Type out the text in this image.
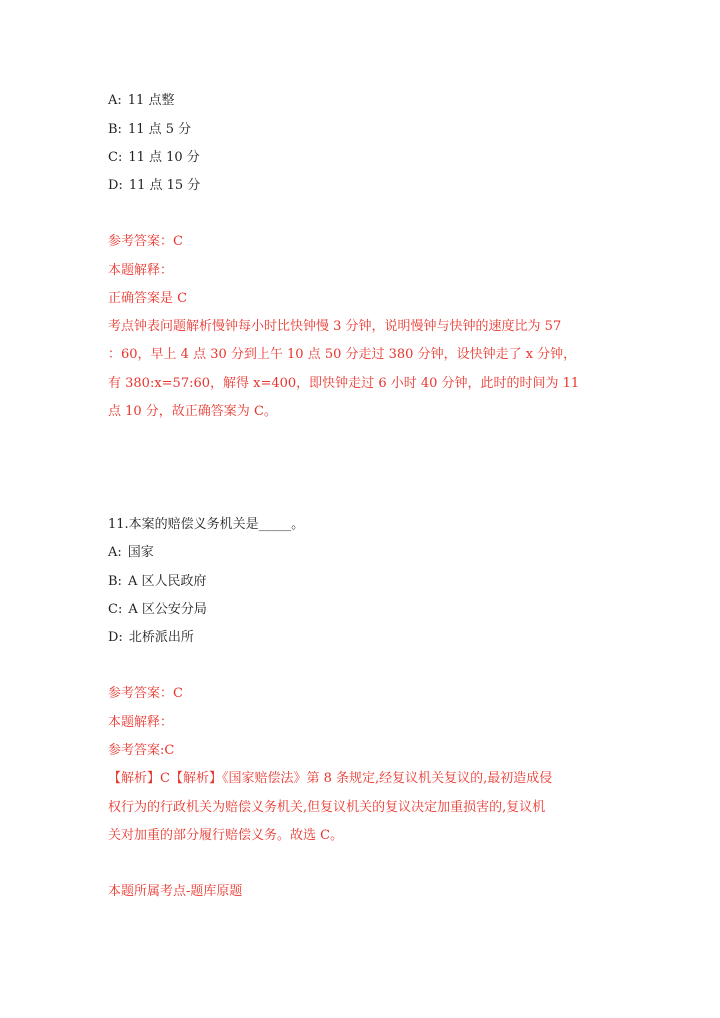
A: 11 点整
B: 11 点 5 分
C: 11 点 10 分
D: 11 点 15 分
参考答案：C
本题解释：
正确答案是 C
考点钟表问题解析慢钟每小时比快钟慢 3 分钟，说明慢钟与快钟的速度比为 57
：60，早上 4 点 30 分到上午 10 点 50 分走过 380 分钟，设快钟走了 x 分钟，
有 380:x=57:60，解得 x=400，即快钟走过 6 小时 40 分钟，此时的时间为 11
点 10 分，故正确答案为 C。
11.本案的赔偿义务机关是_____。
A: 国家
B: A 区人民政府
C: A 区公安分局
D: 北桥派出所
参考答案：C
本题解释：
参考答案:C
【解析】C【解析】《国家赔偿法》第 8 条规定,经复议机关复议的,最初造成侵
权行为的行政机关为赔偿义务机关,但复议机关的复议决定加重损害的,复议机
关对加重的部分履行赔偿义务。故选 C。
本题所属考点-题库原题
